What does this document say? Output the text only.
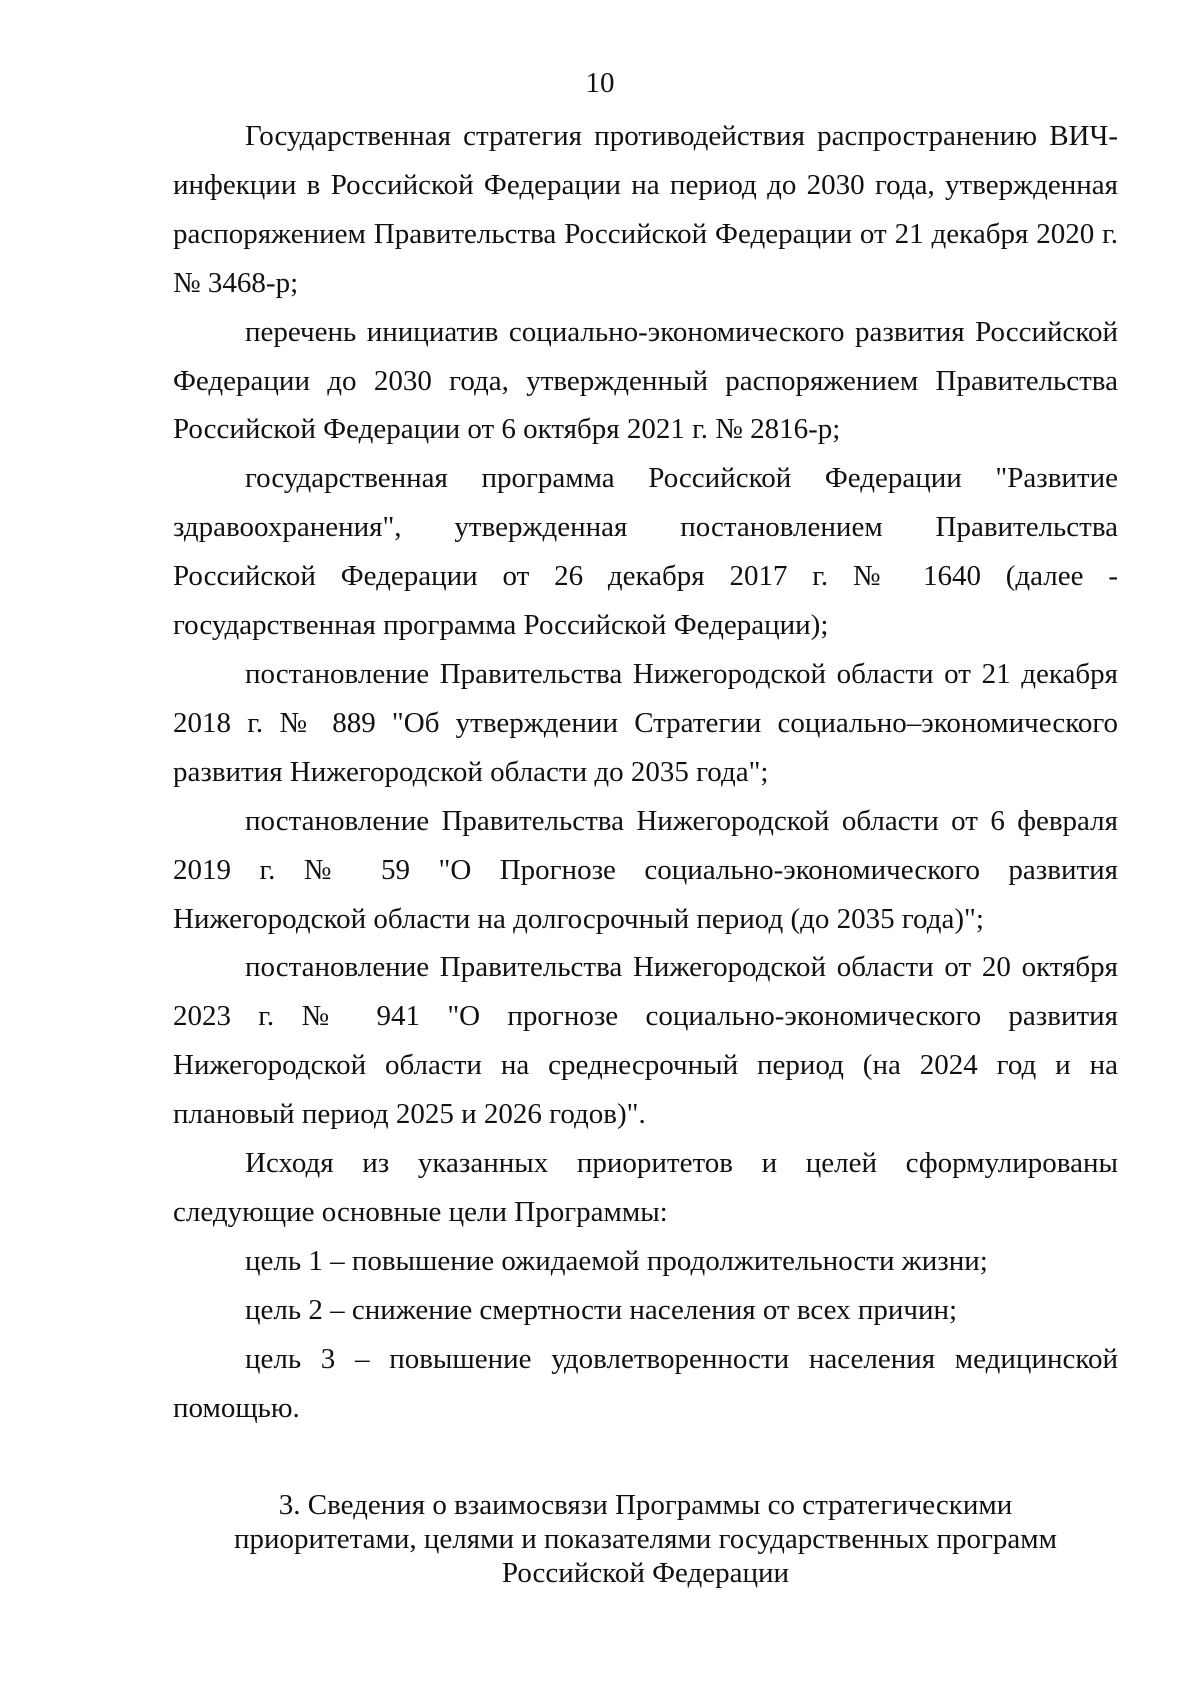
10

Государственная стратегия противодействия распространению ВИЧ-инфекции в Российской Федерации на период до 2030 года, утвержденная распоряжением Правительства Российской Федерации от 21 декабря 2020 г. № 3468-р;

перечень инициатив социально-экономического развития Российской Федерации до 2030 года, утвержденный распоряжением Правительства Российской Федерации от 6 октября 2021 г. № 2816-р;

государственная программа Российской Федерации "Развитие здравоохранения", утвержденная постановлением Правительства Российской Федерации от 26 декабря 2017 г. № 1640 (далее - государственная программа Российской Федерации);

постановление Правительства Нижегородской области от 21 декабря 2018 г. № 889 "Об утверждении Стратегии социально–экономического развития Нижегородской области до 2035 года";

постановление Правительства Нижегородской области от 6 февраля 2019 г. № 59 "О Прогнозе социально-экономического развития Нижегородской области на долгосрочный период (до 2035 года)";

постановление Правительства Нижегородской области от 20 октября 2023 г. № 941 "О прогнозе социально-экономического развития Нижегородской области на среднесрочный период (на 2024 год и на плановый период 2025 и 2026 годов)".

Исходя из указанных приоритетов и целей сформулированы следующие основные цели Программы:

цель 1 – повышение ожидаемой продолжительности жизни;

цель 2 – снижение смертности населения от всех причин;

цель 3 – повышение удовлетворенности населения медицинской помощью.

3. Сведения о взаимосвязи Программы со стратегическими
приоритетами, целями и показателями государственных программ
Российской Федерации
